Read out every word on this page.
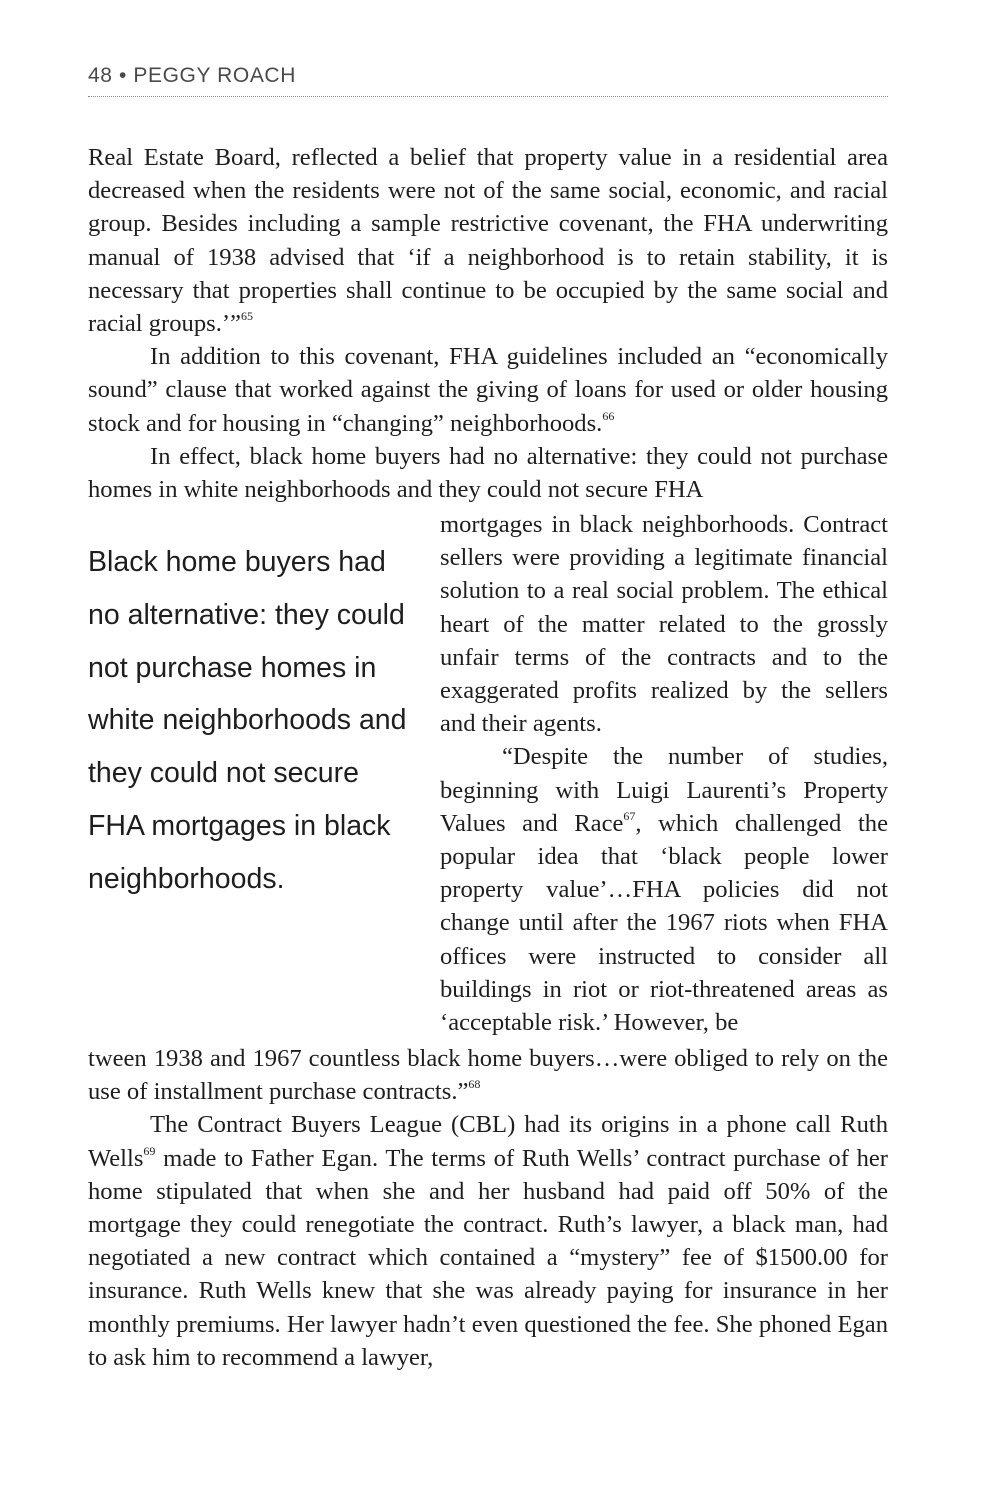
48 • PEGGY ROACH

Real Estate Board, reflected a belief that property value in a residential area decreased when the residents were not of the same social, economic, and racial group. Besides including a sample restrictive covenant, the FHA underwriting manual of 1938 advised that ‘if a neighborhood is to retain stability, it is necessary that properties shall continue to be occupied by the same social and racial groups.’”$^{65}$

In addition to this covenant, FHA guidelines included an “economically sound” clause that worked against the giving of loans for used or older housing stock and for housing in “changing” neighborhoods.$^{66}$

In effect, black home buyers had no alternative: they could not purchase homes in white neighborhoods and they could not secure FHA

Black home buyers had no alternative: they could not purchase homes in white neighborhoods and they could not secure FHA mortgages in black neighborhoods.

mortgages in black neighborhoods. Contract sellers were providing a legitimate financial solution to a real social problem. The ethical heart of the matter related to the grossly unfair terms of the contracts and to the exaggerated profits realized by the sellers and their agents.

“Despite the number of studies, beginning with Luigi Laurenti’s Property Values and Race$^{67}$, which challenged the popular idea that ‘black people lower property value’…FHA policies did not change until after the 1967 riots when FHA offices were instructed to consider all buildings in riot or riot-threatened areas as ‘acceptable risk.’ However, be

tween 1938 and 1967 countless black home buyers…were obliged to rely on the use of installment purchase contracts.”$^{68}$

The Contract Buyers League (CBL) had its origins in a phone call Ruth Wells$^{69}$ made to Father Egan. The terms of Ruth Wells’ contract purchase of her home stipulated that when she and her husband had paid off 50% of the mortgage they could renegotiate the contract. Ruth’s lawyer, a black man, had negotiated a new contract which contained a “mystery” fee of $1500.00 for insurance. Ruth Wells knew that she was already paying for insurance in her monthly premiums. Her lawyer hadn’t even questioned the fee. She phoned Egan to ask him to recommend a lawyer,
